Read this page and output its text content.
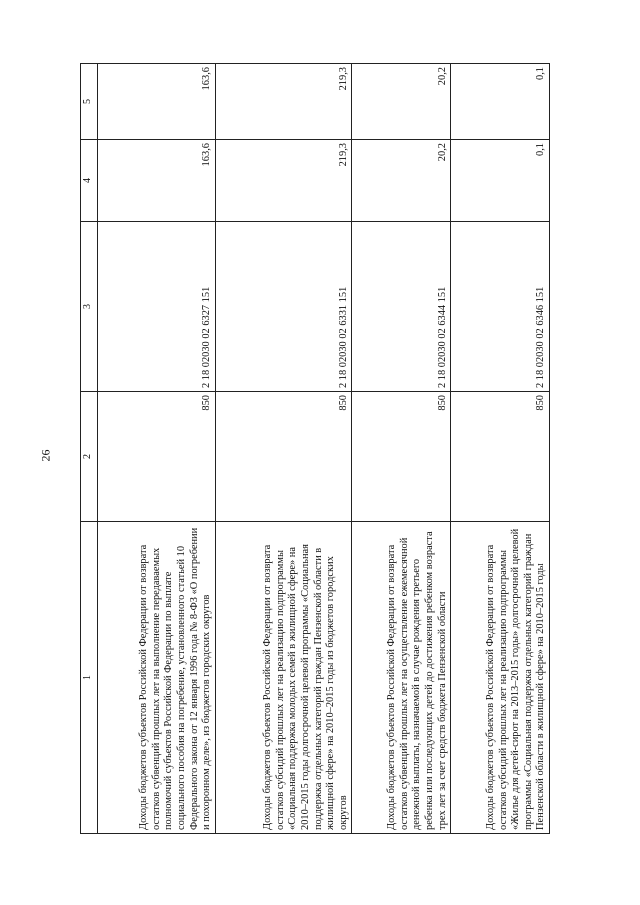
26
1	2	3	4	5
Доходы бюджетов субъектов Российской Федерации от возврата остатков субвенций прошлых лет на выполнение передаваемых полномочий субъектов Российской Федерации по выплате социального пособия на погребение, установленного статьей 10 Федерального закона от 12 января 1996 года № 8-ФЗ «О погребении и похоронном деле», из бюджетов городских округов	850	2 18 02030 02 6327 151	163,6	163,6
Доходы бюджетов субъектов Российской Федерации от возврата остатков субсидий прошлых лет на реализацию подпрограммы «Социальная поддержка молодых семей в жилищной сфере» на 2010–2015 годы долгосрочной целевой программы «Социальная поддержка отдельных категорий граждан Пензенской области в жилищной сфере» на 2010–2015 годы из бюджетов городских округов	850	2 18 02030 02 6331 151	219,3	219,3
Доходы бюджетов субъектов Российской Федерации от возврата остатков субвенций прошлых лет на осуществление ежемесячной денежной выплаты, назначаемой в случае рождения третьего ребенка или последующих детей до достижения ребенком возраста трех лет за счет средств бюджета Пензенской области	850	2 18 02030 02 6344 151	20,2	20,2
Доходы бюджетов субъектов Российской Федерации от возврата остатков субсидий прошлых лет на реализацию подпрограммы «Жилье для детей-сирот на 2013–2015 годы» долгосрочной целевой программы «Социальная поддержка отдельных категорий граждан Пензенской области в жилищной сфере» на 2010–2015 годы	850	2 18 02030 02 6346 151	0,1	0,1
